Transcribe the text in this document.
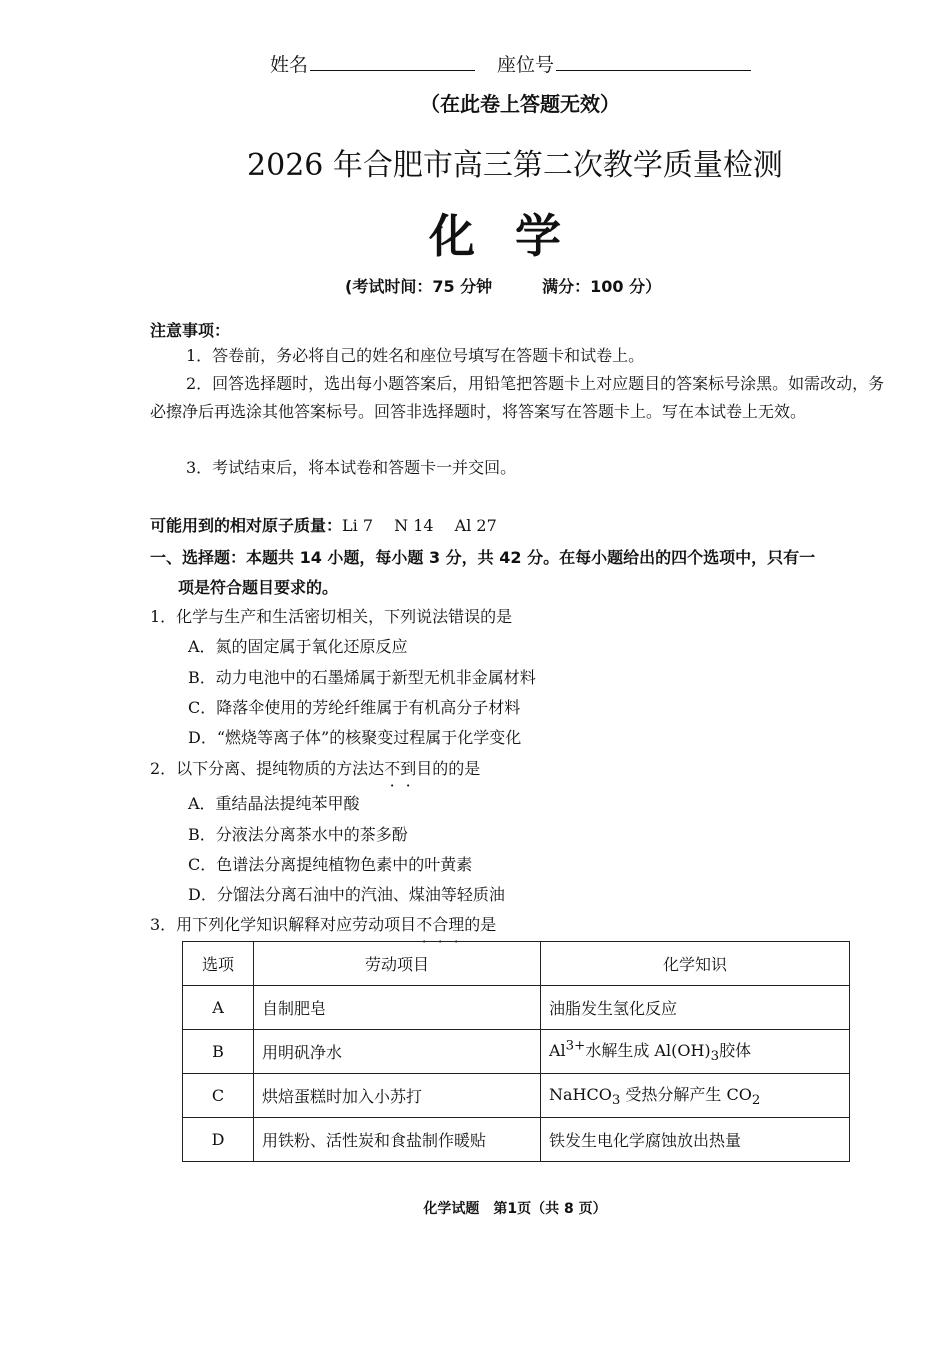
姓名	座位号
（在此卷上答题无效）
2026 年合肥市高三第二次教学质量检测
化学
(考试时间：75 分钟	满分：100 分）
注意事项：
1．答卷前，务必将自己的姓名和座位号填写在答题卡和试卷上。
2．回答选择题时，选出每小题答案后，用铅笔把答题卡上对应题目的答案标号涂黑。如需改动，务必擦净后再选涂其他答案标号。回答非选择题时，将答案写在答题卡上。写在本试卷上无效。
3．考试结束后，将本试卷和答题卡一并交回。
可能用到的相对原子质量：Li 7　 N 14　 Al 27
一、选择题：本题共 14 小题，每小题 3 分，共 42 分。在每小题给出的四个选项中，只有一
项是符合题目要求的。
1．化学与生产和生活密切相关，下列说法错误的是
A．氮的固定属于氧化还原反应
B．动力电池中的石墨烯属于新型无机非金属材料
C．降落伞使用的芳纶纤维属于有机高分子材料
D．“燃烧等离子体”的核聚变过程属于化学变化
2．以下分离、提纯物质的方法达不到目的的是
A．重结晶法提纯苯甲酸
B．分液法分离茶水中的茶多酚
C．色谱法分离提纯植物色素中的叶黄素
D．分馏法分离石油中的汽油、煤油等轻质油
3．用下列化学知识解释对应劳动项目不合理的是
选项	劳动项目	化学知识
A	自制肥皂	油脂发生氢化反应
B	用明矾净水	$Al^{3+}$水解生成 $Al(OH)_3$胶体
C	烘焙蛋糕时加入小苏打	NaHCO$_3$ 受热分解产生 $CO_2$
D	用铁粉、活性炭和食盐制作暖贴	铁发生电化学腐蚀放出热量
化学试题　第1页（共 8 页）
